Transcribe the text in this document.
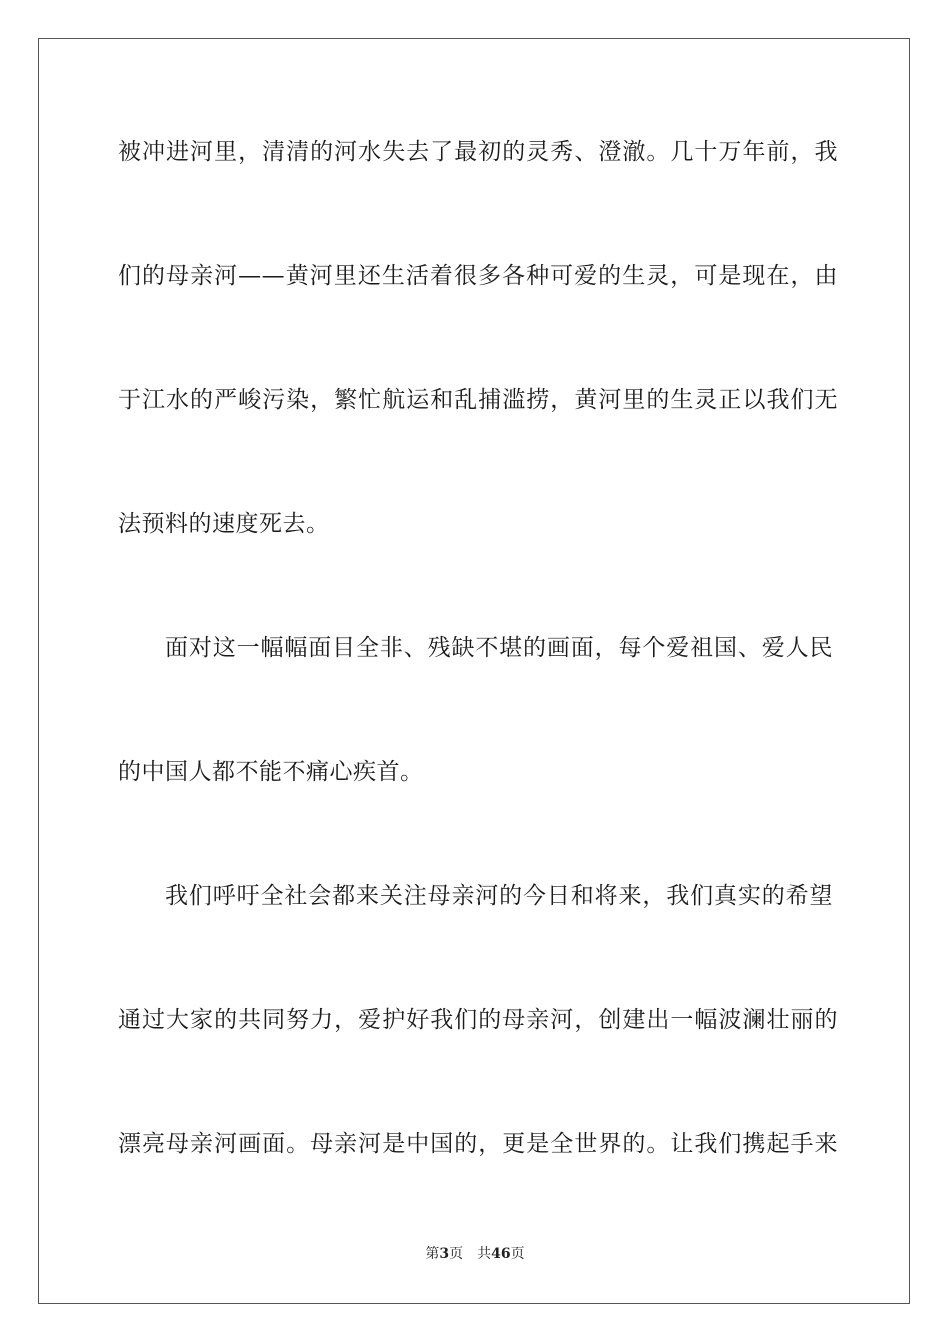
被冲进河里，清清的河水失去了最初的灵秀、澄澈。几十万年前，我
们的母亲河——黄河里还生活着很多各种可爱的生灵，可是现在，由
于江水的严峻污染，繁忙航运和乱捕滥捞，黄河里的生灵正以我们无
法预料的速度死去。
面对这一幅幅面目全非、残缺不堪的画面，每个爱祖国、爱人民
的中国人都不能不痛心疾首。
我们呼吁全社会都来关注母亲河的今日和将来，我们真实的希望
通过大家的共同努力，爱护好我们的母亲河，创建出一幅波澜壮丽的
漂亮母亲河画面。母亲河是中国的，更是全世界的。让我们携起手来
第3页 共46页
